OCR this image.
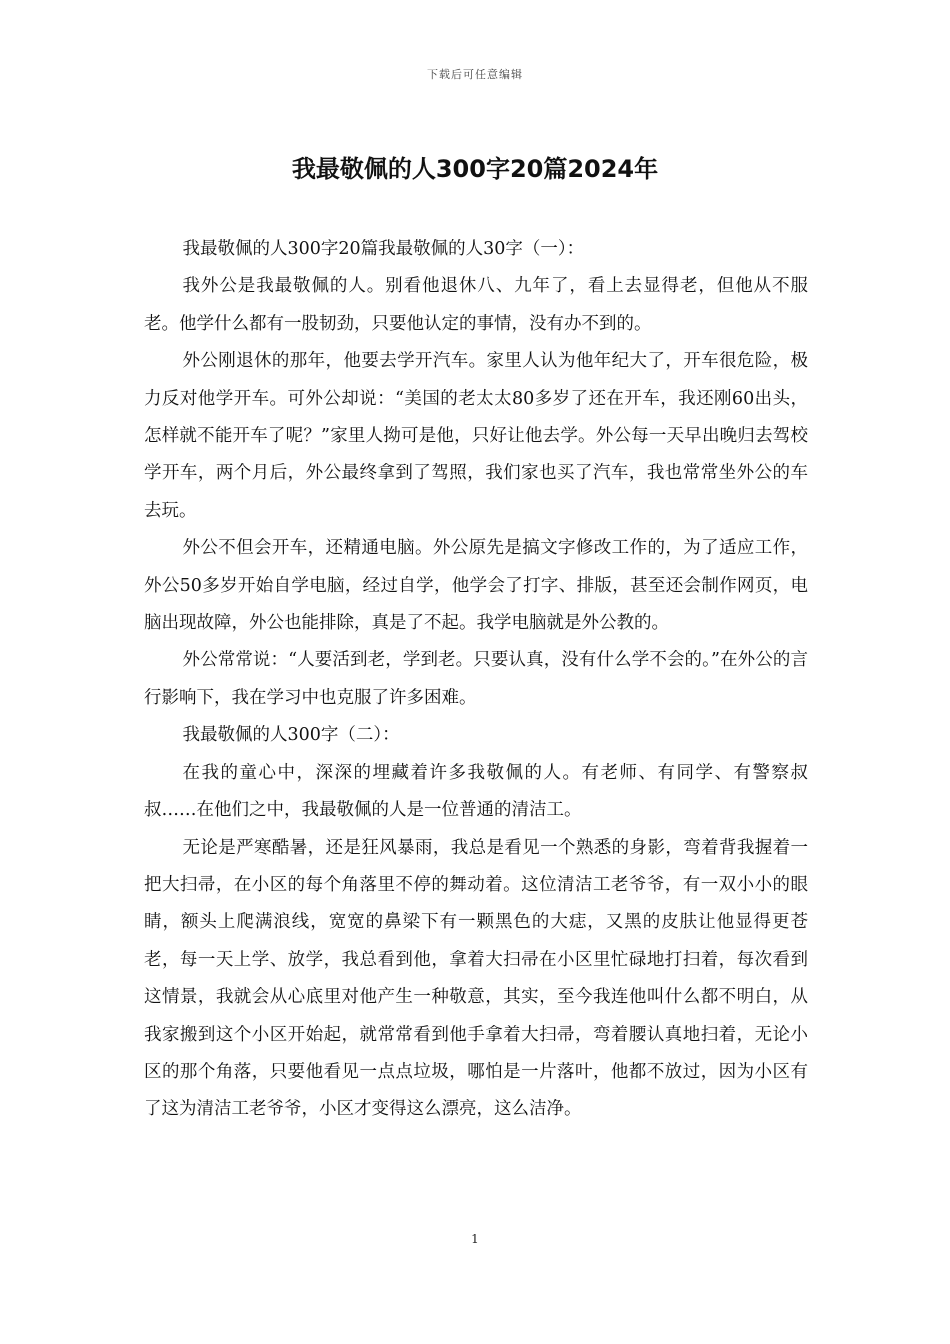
下载后可任意编辑
我最敬佩的人300字20篇2024年

我最敬佩的人300字20篇我最敬佩的人30字（一）：

我外公是我最敬佩的人。别看他退休八、九年了，看上去显得老，但他从不服老。他学什么都有一股韧劲，只要他认定的事情，没有办不到的。

外公刚退休的那年，他要去学开汽车。家里人认为他年纪大了，开车很危险，极力反对他学开车。可外公却说：“美国的老太太80多岁了还在开车，我还刚60出头，怎样就不能开车了呢？”家里人拗可是他，只好让他去学。外公每一天早出晚归去驾校学开车，两个月后，外公最终拿到了驾照，我们家也买了汽车，我也常常坐外公的车去玩。

外公不但会开车，还精通电脑。外公原先是搞文字修改工作的，为了适应工作，外公50多岁开始自学电脑，经过自学，他学会了打字、排版，甚至还会制作网页，电脑出现故障，外公也能排除，真是了不起。我学电脑就是外公教的。

外公常常说：“人要活到老，学到老。只要认真，没有什么学不会的。”在外公的言行影响下，我在学习中也克服了许多困难。

我最敬佩的人300字（二）：

在我的童心中，深深的埋藏着许多我敬佩的人。有老师、有同学、有警察叔叔……在他们之中，我最敬佩的人是一位普通的清洁工。

无论是严寒酷暑，还是狂风暴雨，我总是看见一个熟悉的身影，弯着背我握着一把大扫帚，在小区的每个角落里不停的舞动着。这位清洁工老爷爷，有一双小小的眼睛，额头上爬满浪线，宽宽的鼻梁下有一颗黑色的大痣，又黑的皮肤让他显得更苍老，每一天上学、放学，我总看到他，拿着大扫帚在小区里忙碌地打扫着，每次看到这情景，我就会从心底里对他产生一种敬意，其实，至今我连他叫什么都不明白，从我家搬到这个小区开始起，就常常看到他手拿着大扫帚，弯着腰认真地扫着，无论小区的那个角落，只要他看见一点点垃圾，哪怕是一片落叶，他都不放过，因为小区有了这为清洁工老爷爷，小区才变得这么漂亮，这么洁净。

1
